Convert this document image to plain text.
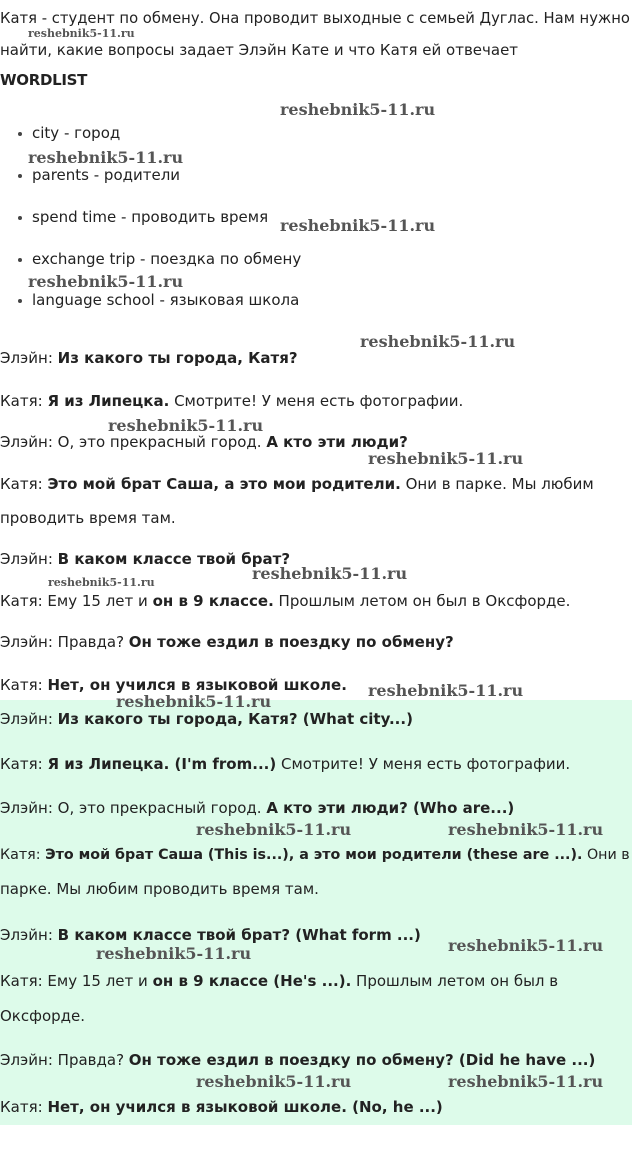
Катя - студент по обмену. Она проводит выходные с семьей Дуглас. Нам нужно
найти, какие вопросы задает Элэйн Кате и что Катя ей отвечает
WORDLIST
city - город
parents - родители
spend time - проводить время
exchange trip - поездка по обмену
language school - языковая школа
Элэйн: Из какого ты города, Катя?
Катя: Я из Липецка. Смотрите! У меня есть фотографии.
Элэйн: О, это прекрасный город. А кто эти люди?
Катя: Это мой брат Саша, а это мои родители. Они в парке. Мы любим
проводить время там.
Элэйн: В каком классе твой брат?
Катя: Ему 15 лет и он в 9 классе. Прошлым летом он был в Оксфорде.
Элэйн: Правда? Он тоже ездил в поездку по обмену?
Катя: Нет, он учился в языковой школе.
Элэйн: Из какого ты города, Катя? (What city...)
Катя: Я из Липецка. (I'm from...) Смотрите! У меня есть фотографии.
Элэйн: О, это прекрасный город. А кто эти люди? (Who are...)
Катя: Это мой брат Саша (This is...), а это мои родители (these are ...). Они в
парке. Мы любим проводить время там.
Элэйн: В каком классе твой брат? (What form ...)
Катя: Ему 15 лет и он в 9 классе (He's ...). Прошлым летом он был в
Оксфорде.
Элэйн: Правда? Он тоже ездил в поездку по обмену? (Did he have ...)
Катя: Нет, он учился в языковой школе. (No, he ...)
reshebnik5-11.ru
reshebnik5-11.ru
reshebnik5-11.ru
reshebnik5-11.ru
reshebnik5-11.ru
reshebnik5-11.ru
reshebnik5-11.ru
reshebnik5-11.ru
reshebnik5-11.ru
reshebnik5-11.ru
reshebnik5-11.ru
reshebnik5-11.ru
reshebnik5-11.ru	reshebnik5-11.ru
reshebnik5-11.ru
reshebnik5-11.ru
reshebnik5-11.ru	reshebnik5-11.ru
